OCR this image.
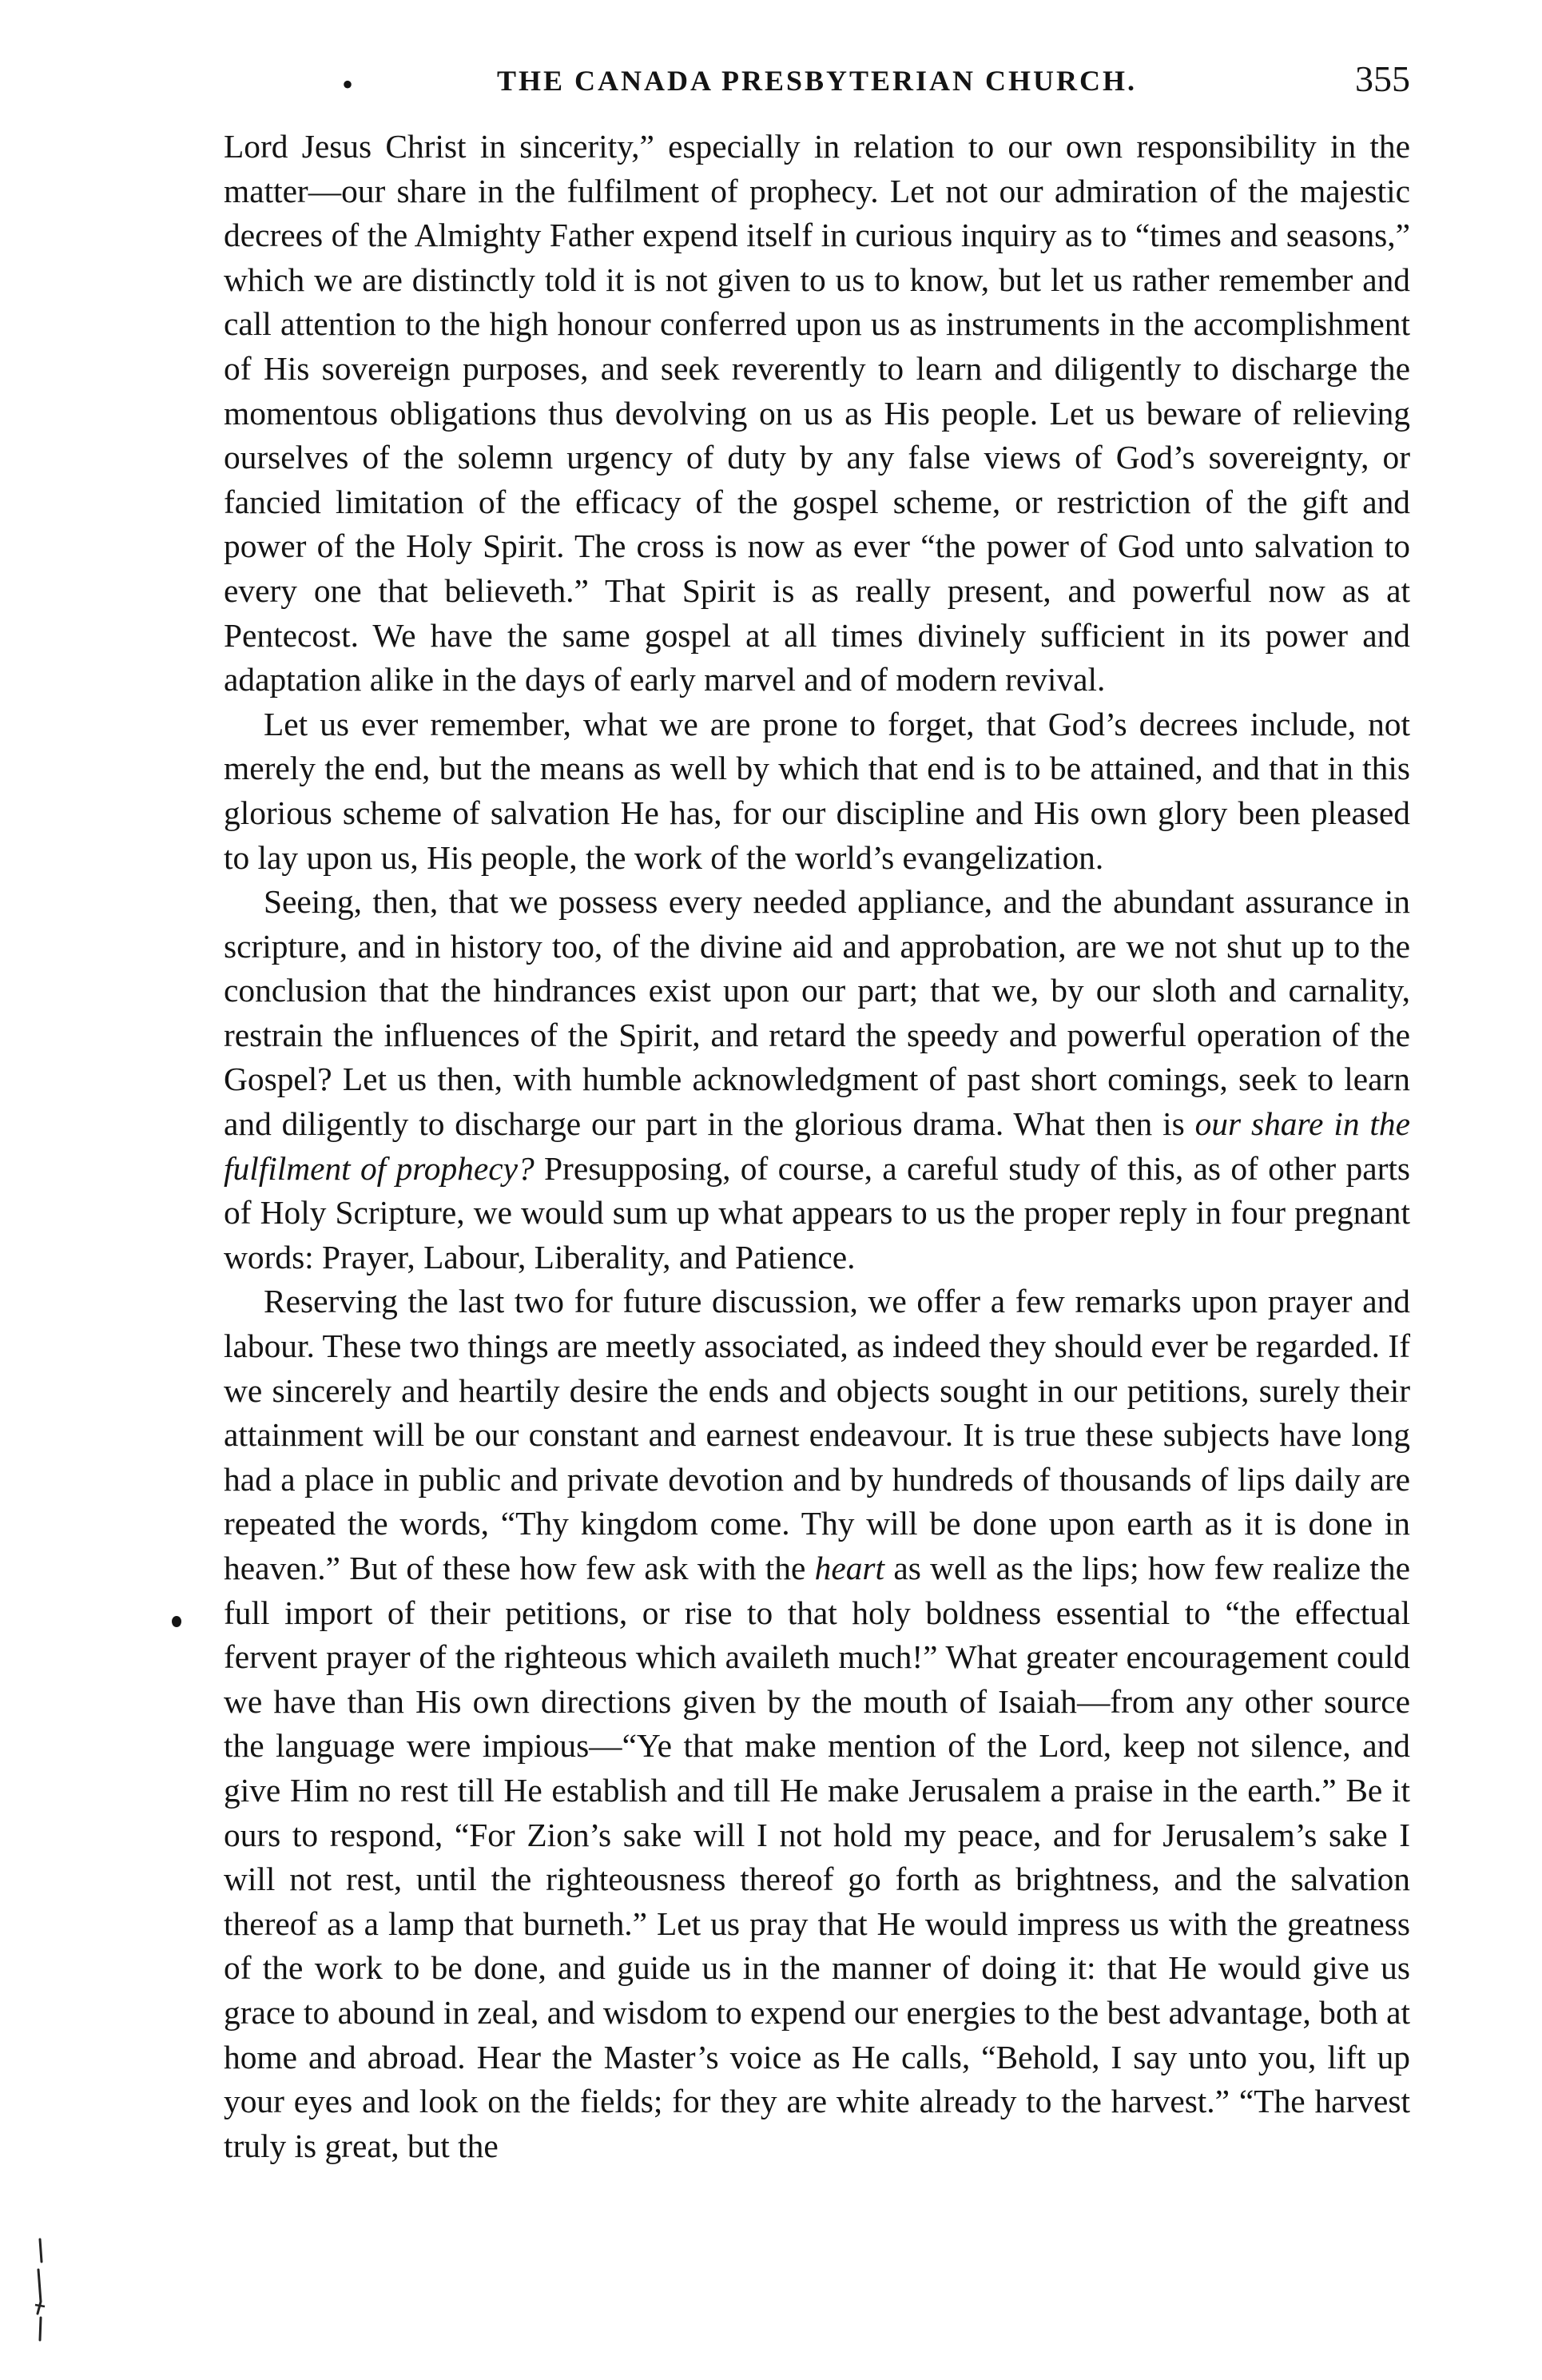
•	THE CANADA PRESBYTERIAN CHURCH.	355

Lord Jesus Christ in sincerity,” especially in relation to our own responsibility in the matter—our share in the fulfilment of prophecy. Let not our admiration of the majestic decrees of the Almighty Father expend itself in curious inquiry as to “times and seasons,” which we are distinctly told it is not given to us to know, but let us rather remember and call attention to the high honour conferred upon us as instruments in the accomplishment of His sovereign purposes, and seek reverently to learn and diligently to discharge the momentous obligations thus devolving on us as His people. Let us beware of relieving ourselves of the solemn urgency of duty by any false views of God’s sovereignty, or fancied limitation of the efficacy of the gospel scheme, or restriction of the gift and power of the Holy Spirit. The cross is now as ever “the power of God unto salvation to every one that believeth.” That Spirit is as really present, and powerful now as at Pentecost. We have the same gospel at all times divinely sufficient in its power and adaptation alike in the days of early marvel and of modern revival.

Let us ever remember, what we are prone to forget, that God’s decrees include, not merely the end, but the means as well by which that end is to be attained, and that in this glorious scheme of salvation He has, for our discipline and His own glory been pleased to lay upon us, His people, the work of the world’s evangelization.

Seeing, then, that we possess every needed appliance, and the abundant assurance in scripture, and in history too, of the divine aid and approbation, are we not shut up to the conclusion that the hindrances exist upon our part; that we, by our sloth and carnality, restrain the influences of the Spirit, and retard the speedy and powerful operation of the Gospel? Let us then, with humble acknowledgment of past short comings, seek to learn and diligently to discharge our part in the glorious drama. What then is our share in the fulfilment of prophecy? Presupposing, of course, a careful study of this, as of other parts of Holy Scripture, we would sum up what appears to us the proper reply in four pregnant words: Prayer, Labour, Liberality, and Patience.

Reserving the last two for future discussion, we offer a few remarks upon prayer and labour. These two things are meetly associated, as indeed they should ever be regarded. If we sincerely and heartily desire the ends and objects sought in our petitions, surely their attainment will be our constant and earnest endeavour. It is true these subjects have long had a place in public and private devotion and by hundreds of thousands of lips daily are repeated the words, “Thy kingdom come. Thy will be done upon earth as it is done in heaven.” But of these how few ask with the heart as well as the lips; how few realize the full import of their petitions, or rise to that holy boldness essential to “the effectual fervent prayer of the righteous which availeth much!” What greater encouragement could we have than His own directions given by the mouth of Isaiah—from any other source the language were impious—“Ye that make mention of the Lord, keep not silence, and give Him no rest till He establish and till He make Jerusalem a praise in the earth.” Be it ours to respond, “For Zion’s sake will I not hold my peace, and for Jerusalem’s sake I will not rest, until the righteousness thereof go forth as brightness, and the salvation thereof as a lamp that burneth.” Let us pray that He would impress us with the greatness of the work to be done, and guide us in the manner of doing it: that He would give us grace to abound in zeal, and wisdom to expend our energies to the best advantage, both at home and abroad. Hear the Master’s voice as He calls, “Behold, I say unto you, lift up your eyes and look on the fields; for they are white already to the harvest.” “The harvest truly is great, but the
